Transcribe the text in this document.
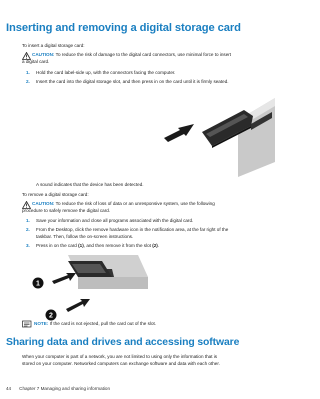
Inserting and removing a digital storage card
To insert a digital storage card:
CAUTION: To reduce the risk of damage to the digital card connectors, use minimal force to insert
a digital card.
1. Hold the card label-side up, with the connectors facing the computer.
2. Insert the card into the digital storage slot, and then press in on the card until it is firmly seated.
A sound indicates that the device has been detected.
To remove a digital storage card:
CAUTION: To reduce the risk of loss of data or an unresponsive system, use the following
procedure to safely remove the digital card.
1. Save your information and close all programs associated with the digital card.
2. From the Desktop, click the remove hardware icon in the notification area, at the far right of the
taskbar. Then, follow the on-screen instructions.
3. Press in on the card (1), and then remove it from the slot (2).
1
2
NOTE: If the card is not ejected, pull the card out of the slot.
Sharing data and drives and accessing software
When your computer is part of a network, you are not limited to using only the information that is
stored on your computer. Networked computers can exchange software and data with each other.
44 Chapter 7 Managing and sharing information
